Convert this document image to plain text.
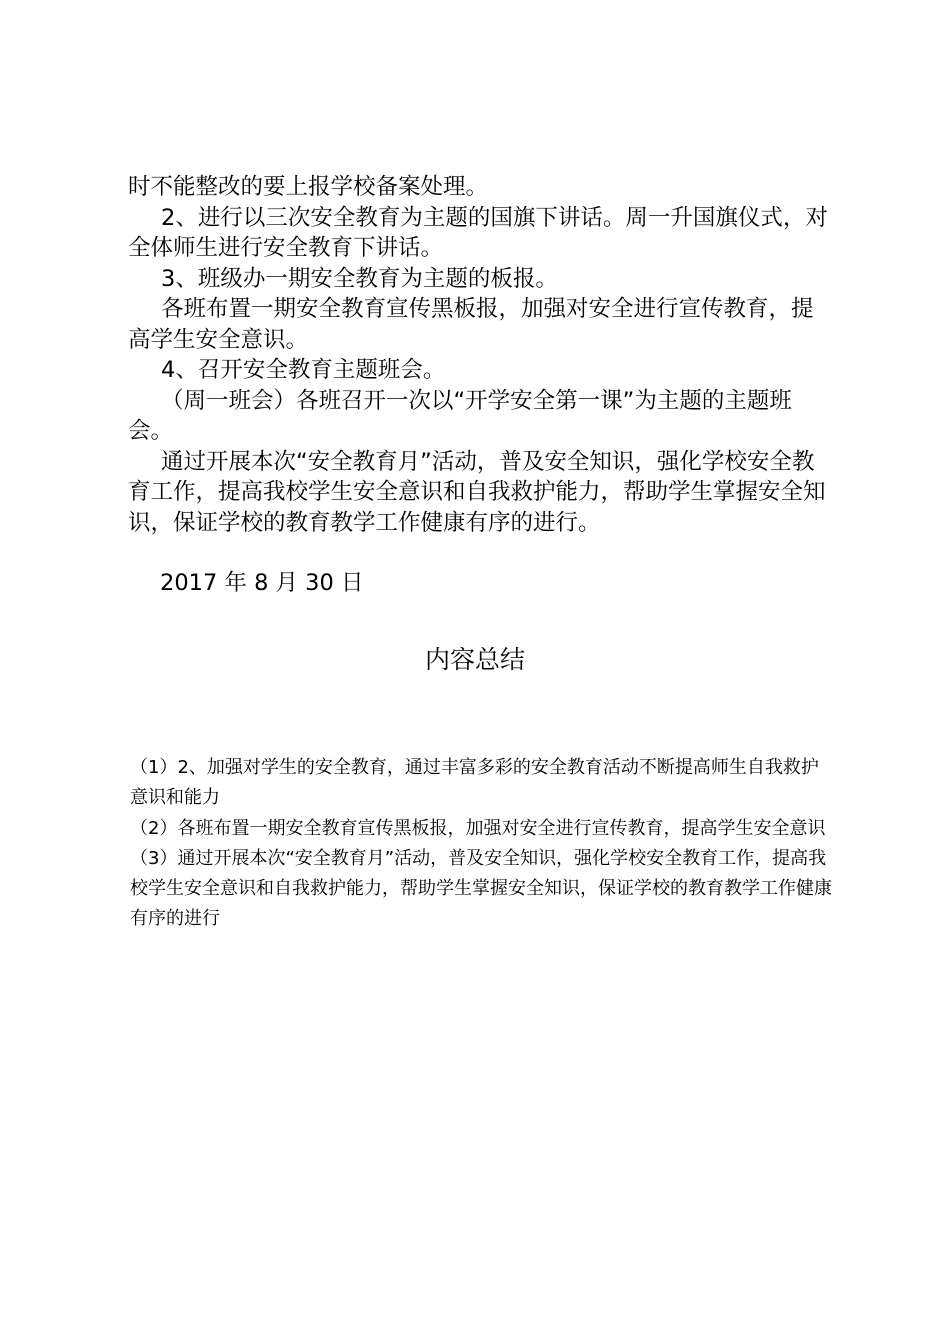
时不能整改的要上报学校备案处理。

2、进行以三次安全教育为主题的国旗下讲话。周一升国旗仪式，对全体师生进行安全教育下讲话。

3、班级办一期安全教育为主题的板报。

各班布置一期安全教育宣传黑板报，加强对安全进行宣传教育，提高学生安全意识。

4、召开安全教育主题班会。

（周一班会）各班召开一次以“开学安全第一课”为主题的主题班会。

通过开展本次“安全教育月”活动，普及安全知识，强化学校安全教育工作，提高我校学生安全意识和自我救护能力，帮助学生掌握安全知识，保证学校的教育教学工作健康有序的进行。

2017 年 8 月 30 日
内容总结

（1）2、加强对学生的安全教育，通过丰富多彩的安全教育活动不断提高师生自我救护意识和能力

（2）各班布置一期安全教育宣传黑板报，加强对安全进行宣传教育，提高学生安全意识

（3）通过开展本次“安全教育月”活动，普及安全知识，强化学校安全教育工作，提高我校学生安全意识和自我救护能力，帮助学生掌握安全知识，保证学校的教育教学工作健康有序的进行
